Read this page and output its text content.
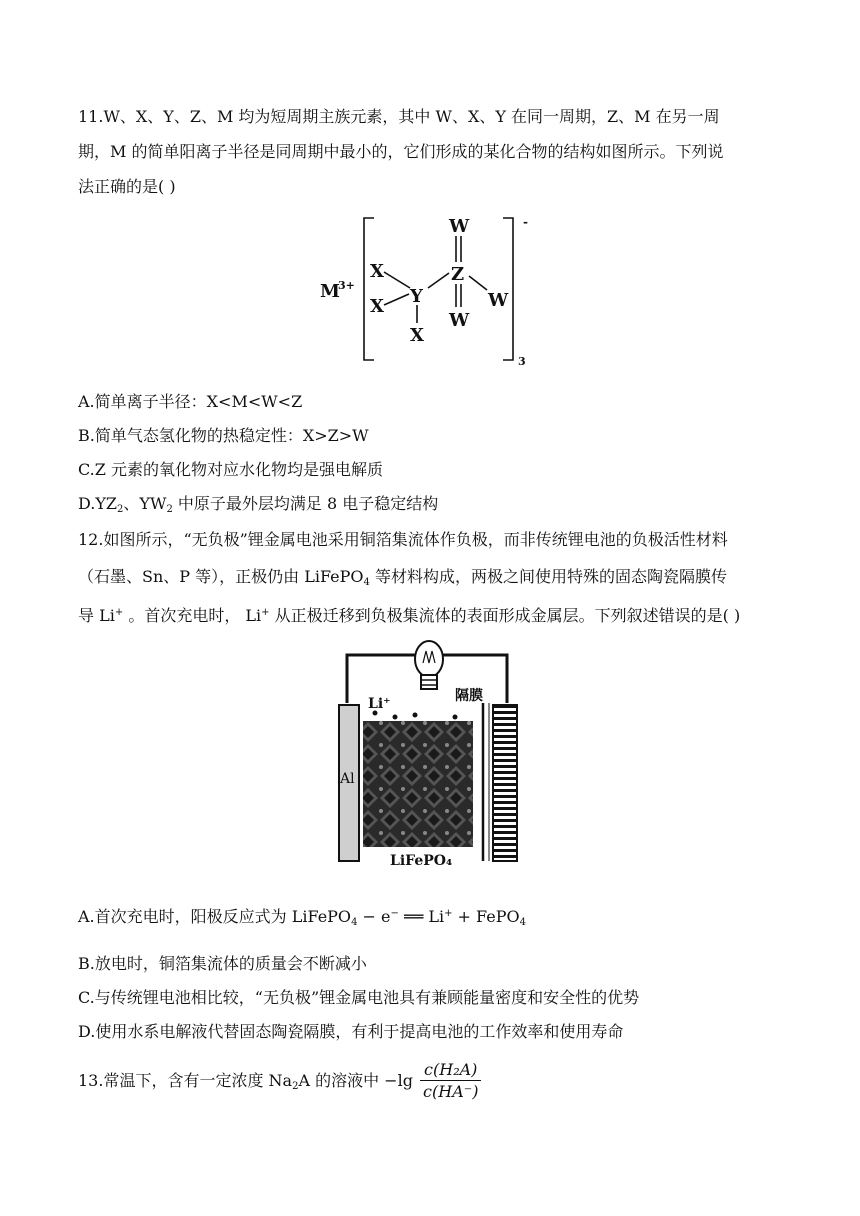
11.W、X、Y、Z、M 均为短周期主族元素，其中 W、X、Y 在同一周期，Z、M 在另一周
期，M 的简单阳离子半径是同周期中最小的，它们形成的某化合物的结构如图所示。下列说
法正确的是( )
M
3+
X
X Y
X
Z
W
W
W
-
3
A.简单离子半径：X<M<W<Z
B.简单气态氢化物的热稳定性：X>Z>W
C.Z 元素的氧化物对应水化物均是强电解质
$D.YZ_2$、$YW_2$ 中原子最外层均满足 8 电子稳定结构
12.如图所示，“无负极”锂金属电池采用铜箔集流体作负极，而非传统锂电池的负极活性材料
（石墨、Sn、P 等），正极仍由 LiFePO$_4$ 等材料构成，两极之间使用特殊的固态陶瓷隔膜传
导 Li+ 。首次充电时， Li+ 从正极迁移到负极集流体的表面形成金属层。下列叙述错误的是( )
Al
Li⁺	隔膜
LiFePO₄
A.首次充电时，阳极反应式为 LiFePO$_4$ − e− ══ Li+ + FePO$_4$
B.放电时，铜箔集流体的质量会不断减小
C.与传统锂电池相比较，“无负极”锂金属电池具有兼顾能量密度和安全性的优势
D.使用水系电解液代替固态陶瓷隔膜，有利于提高电池的工作效率和使用寿命
13.常温下，含有一定浓度 $Na_2A$ 的溶液中 $-\lg \frac{\text{c(H₂A)}}{c(HA^-)}$
